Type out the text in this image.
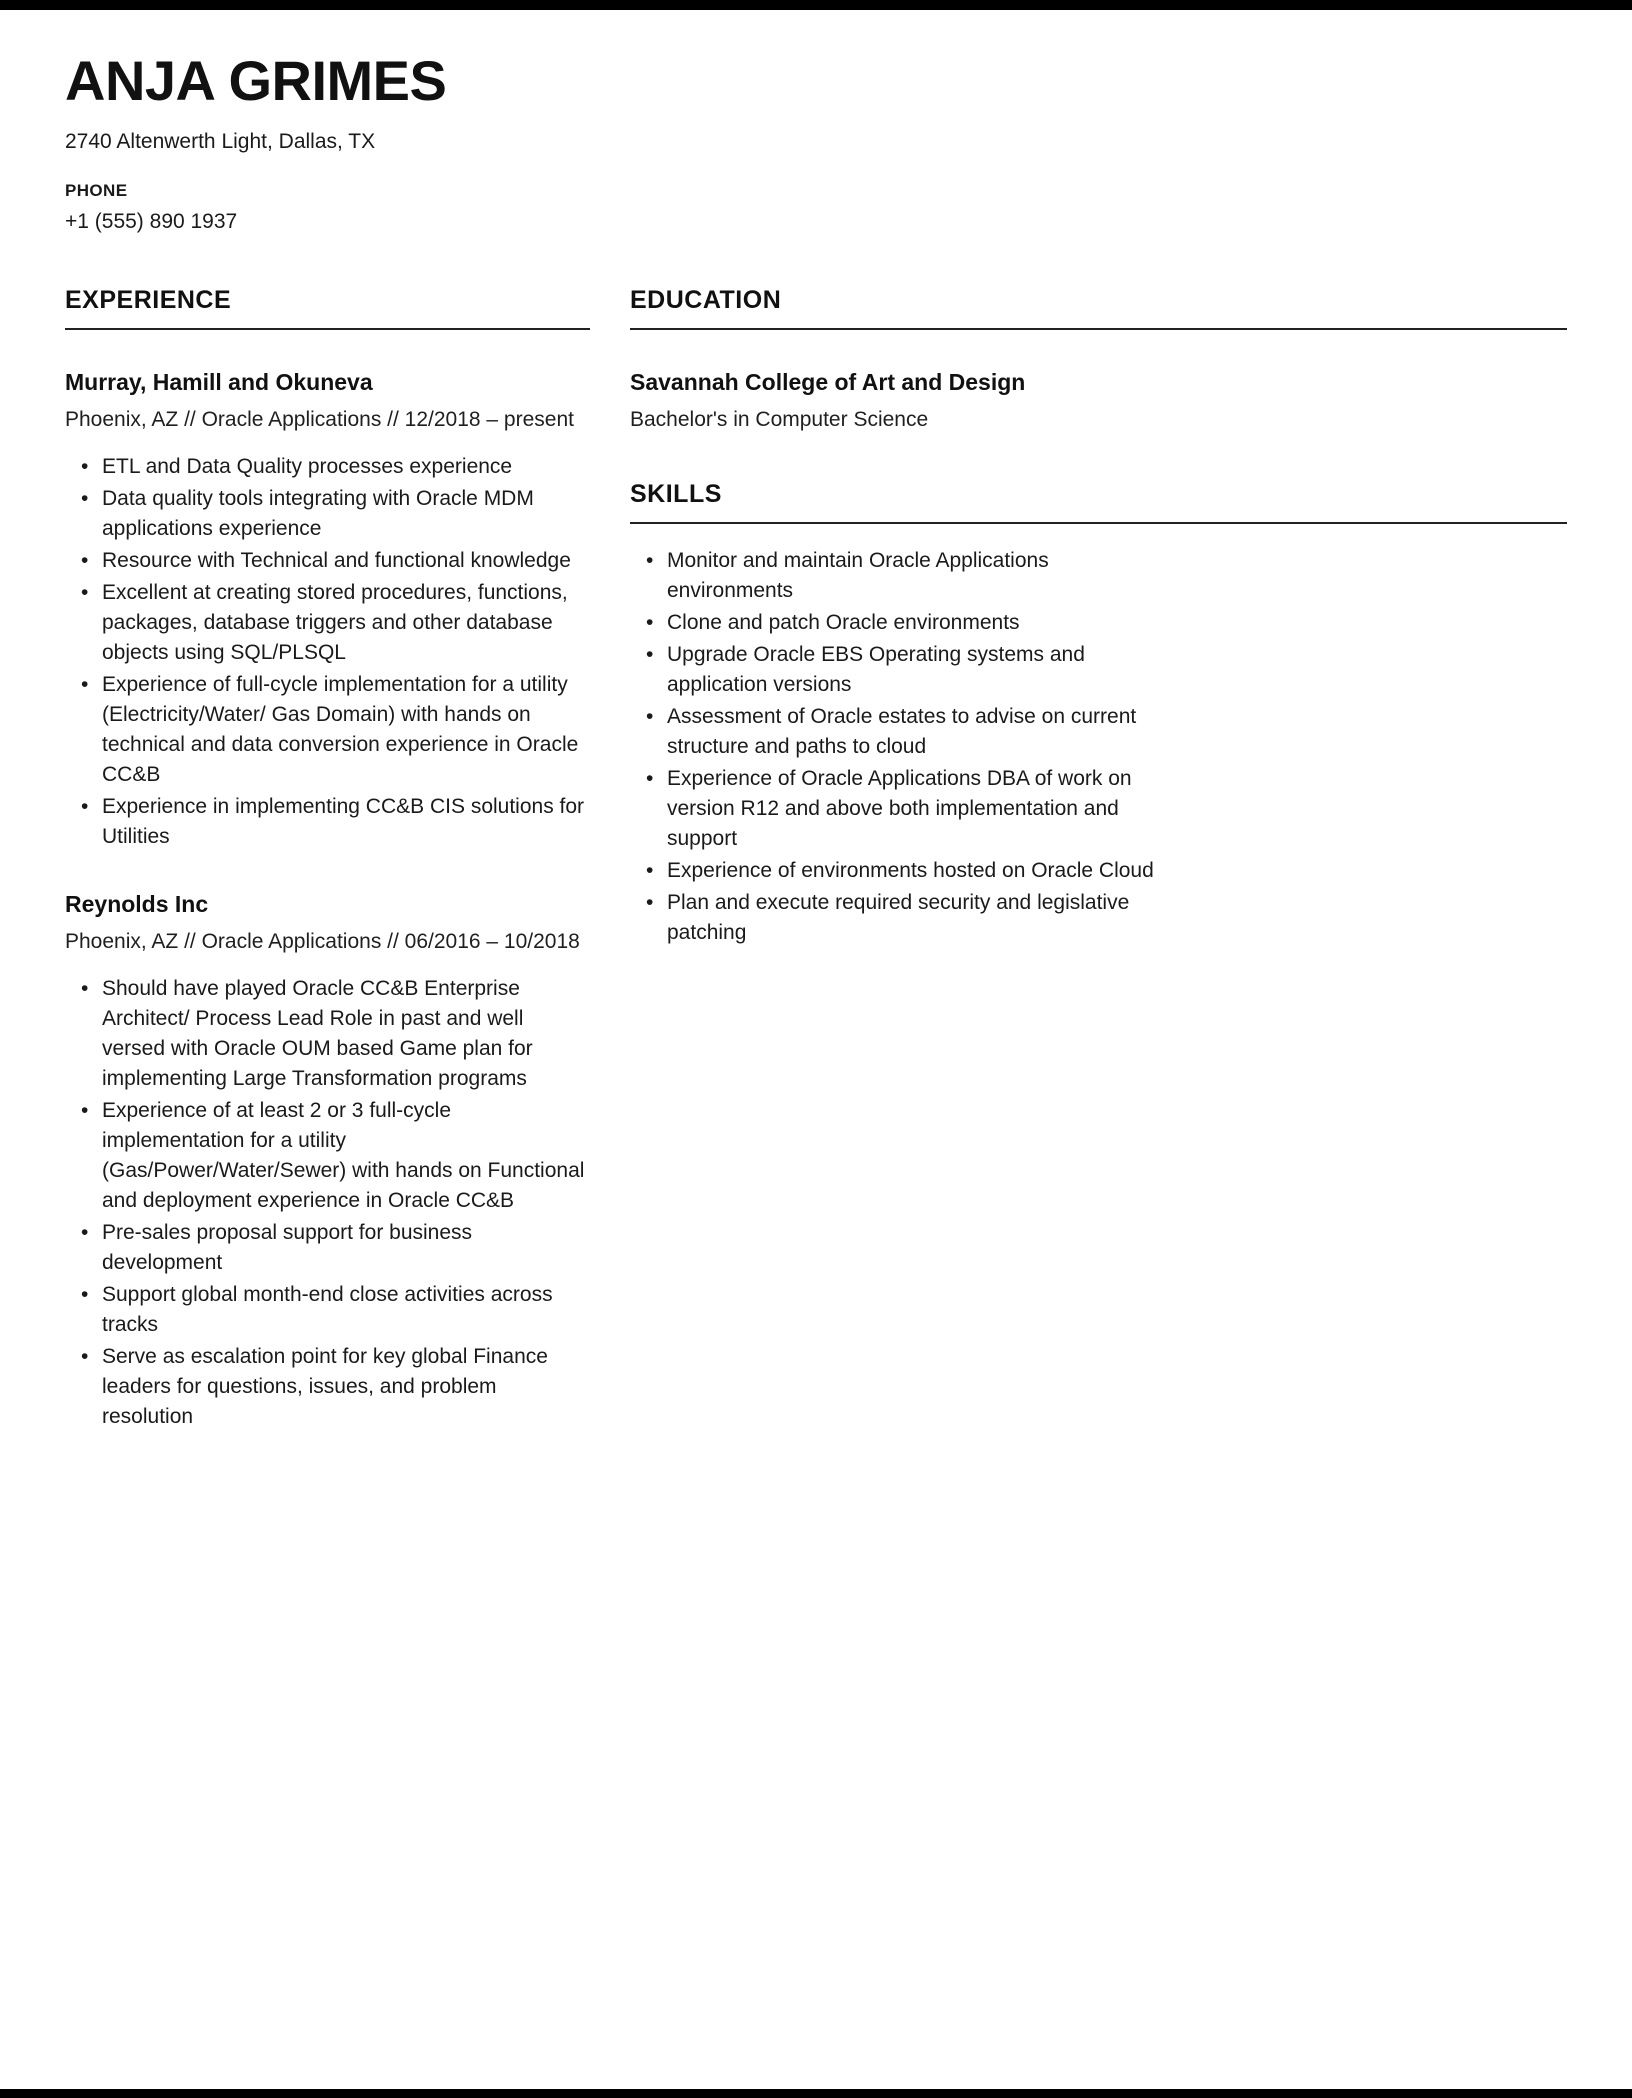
ANJA GRIMES
2740 Altenwerth Light, Dallas, TX
PHONE
+1 (555) 890 1937
EXPERIENCE
Murray, Hamill and Okuneva
Phoenix, AZ // Oracle Applications // 12/2018 – present
• ETL and Data Quality processes experience
• Data quality tools integrating with Oracle MDM applications experience
• Resource with Technical and functional knowledge
• Excellent at creating stored procedures, functions, packages, database triggers and other database objects using SQL/PLSQL
• Experience of full-cycle implementation for a utility (Electricity/Water/ Gas Domain) with hands on technical and data conversion experience in Oracle CC&B
• Experience in implementing CC&B CIS solutions for Utilities
Reynolds Inc
Phoenix, AZ // Oracle Applications // 06/2016 – 10/2018
• Should have played Oracle CC&B Enterprise Architect/ Process Lead Role in past and well versed with Oracle OUM based Game plan for implementing Large Transformation programs
• Experience of at least 2 or 3 full-cycle implementation for a utility (Gas/Power/Water/Sewer) with hands on Functional and deployment experience in Oracle CC&B
• Pre-sales proposal support for business development
• Support global month-end close activities across tracks
• Serve as escalation point for key global Finance leaders for questions, issues, and problem resolution
EDUCATION
Savannah College of Art and Design
Bachelor's in Computer Science
SKILLS
• Monitor and maintain Oracle Applications environments
• Clone and patch Oracle environments
• Upgrade Oracle EBS Operating systems and application versions
• Assessment of Oracle estates to advise on current structure and paths to cloud
• Experience of Oracle Applications DBA of work on version R12 and above both implementation and support
• Experience of environments hosted on Oracle Cloud
• Plan and execute required security and legislative patching
